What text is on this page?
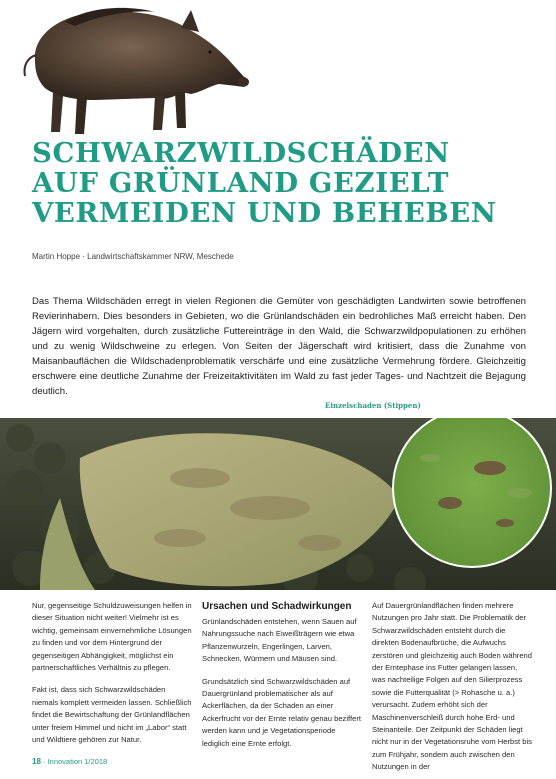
SCHWARZWILDSCHÄDEN
AUF GRÜNLAND GEZIELT
VERMEIDEN UND BEHEBEN
Martin Hoppe · Landwirtschaftskammer NRW, Meschede

Das Thema Wildschäden erregt in vielen Regionen die Gemüter von geschädigten Landwirten sowie betroffenen Revierinhabern. Dies besonders in Gebieten, wo die Grünlandschäden ein bedrohliches Maß erreicht haben. Den Jägern wird vorgehalten, durch zusätzliche Futtereinträge in den Wald, die Schwarzwildpopulationen zu erhöhen und zu wenig Wildschweine zu erlegen. Von Seiten der Jägerschaft wird kritisiert, dass die Zunahme von Maisanbauflächen die Wildschadenproblematik verschärfe und eine zusätzliche Vermehrung fördere. Gleichzeitig erschwere eine deutliche Zunahme der Freizeitaktivitäten im Wald zu fast jeder Tages- und Nachtzeit die Bejagung deutlich.

Einzelschaden (Stippen)

Nur, gegenseitige Schuldzuweisungen helfen in dieser Situation nicht weiter! Vielmehr ist es wichtig, gemeinsam einvernehmliche Lösungen zu finden und vor dem Hintergrund der gegenseitigen Abhängigkeit, möglichst ein partnerschaftliches Verhältnis zu pflegen.

Fakt ist, dass sich Schwarzwildschäden niemals komplett vermeiden lassen. Schließlich findet die Bewirtschaftung der Grünlandflächen unter freiem Himmel und nicht im „Labor“ statt und Wildtiere gehören zur Natur.

Ursachen und Schadwirkungen

Grünlandschäden entstehen, wenn Sauen auf Nahrungssuche nach Eiweißträgern wie etwa Pflanzenwurzeln, Engerlingen, Larven, Schnecken, Würmern und Mäusen sind.

Grundsätzlich sind Schwarzwildschäden auf Dauergrünland problematischer als auf Ackerflächen, da der Schaden an einer Ackerfrucht vor der Ernte relativ genau beziffert werden kann und je Vegetationsperiode lediglich eine Ernte erfolgt.

Auf Dauergrünlandflächen finden mehrere Nutzungen pro Jahr statt. Die Problematik der Schwarzwildschäden entsteht durch die direkten Bodenaufbrüche, die Aufwuchs zerstören und gleichzeitig auch Boden während der Erntephase ins Futter gelangen lassen, was nachteilige Folgen auf den Silierprozess sowie die Futterqualität (> Rohasche u. a.) verursacht. Zudem erhöht sich der Maschinenverschleiß durch hohe Erd- und Steinanteile. Der Zeitpunkt der Schäden liegt nicht nur in der Vegetationsruhe vom Herbst bis zum Frühjahr, sondern auch zwischen den Nutzungen in der

18 · Innovation 1/2018
